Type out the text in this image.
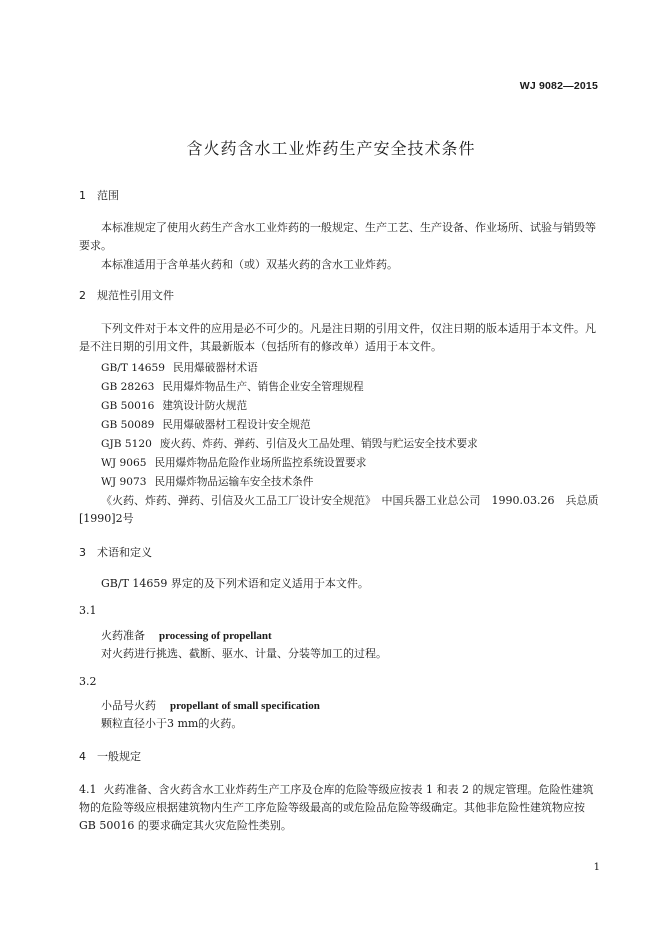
WJ 9082—2015
含火药含水工业炸药生产安全技术条件
1 范围
本标准规定了使用火药生产含水工业炸药的一般规定、生产工艺、生产设备、作业场所、试验与销毁等要求。
本标准适用于含单基火药和（或）双基火药的含水工业炸药。
2 规范性引用文件
下列文件对于本文件的应用是必不可少的。凡是注日期的引用文件，仅注日期的版本适用于本文件。凡是不注日期的引用文件，其最新版本（包括所有的修改单）适用于本文件。
GB/T 14659 民用爆破器材术语
GB 28263 民用爆炸物品生产、销售企业安全管理规程
GB 50016 建筑设计防火规范
GB 50089 民用爆破器材工程设计安全规范
GJB 5120 废火药、炸药、弹药、引信及火工品处理、销毁与贮运安全技术要求
WJ 9065 民用爆炸物品危险作业场所监控系统设置要求
WJ 9073 民用爆炸物品运输车安全技术条件
《火药、炸药、弹药、引信及火工品工厂设计安全规范》　中国兵器工业总公司　1990.03.26　兵总质[1990]2号
3 术语和定义
GB/T 14659 界定的及下列术语和定义适用于本文件。
3.1
火药准备 processing of propellant
对火药进行挑选、截断、驱水、计量、分装等加工的过程。
3.2
小品号火药 propellant of small specification
颗粒直径小于3 mm的火药。
4 一般规定
4.1 火药准备、含火药含水工业炸药生产工序及仓库的危险等级应按表 1 和表 2 的规定管理。危险性建筑物的危险等级应根据建筑物内生产工序危险等级最高的或危险品危险等级确定。其他非危险性建筑物应按 GB 50016 的要求确定其火灾危险性类别。
1
